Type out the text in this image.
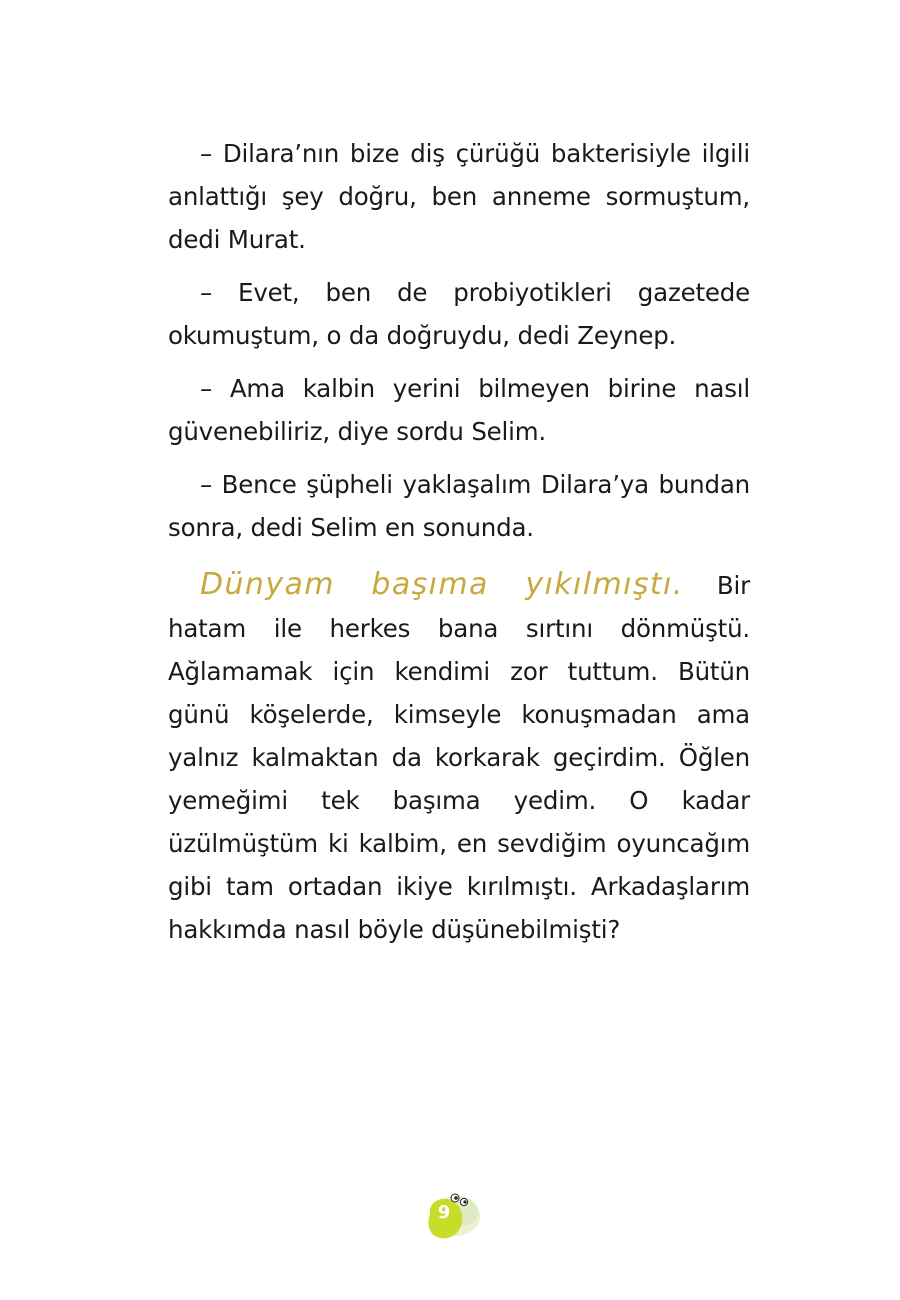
– Dilara’nın bize diş çürüğü bakterisiyle ilgili anlattığı şey doğru, ben anneme sormuştum, dedi Murat.

– Evet, ben de probiyotikleri gazetede okumuştum, o da doğruydu, dedi Zeynep.

– Ama kalbin yerini bilmeyen birine nasıl güvenebiliriz, diye sordu Selim.

– Bence şüpheli yaklaşalım Dilara’ya bundan sonra, dedi Selim en sonunda.

Dünyam başıma yıkılmıştı. Bir hatam ile herkes bana sırtını dönmüştü. Ağlamamak için kendimi zor tuttum. Bütün günü köşelerde, kimseyle konuşmadan ama yalnız kalmaktan da korkarak geçirdim. Öğlen yemeğimi tek başıma yedim. O kadar üzülmüştüm ki kalbim, en sevdiğim oyuncağım gibi tam ortadan ikiye kırılmıştı. Arkadaşlarım hakkımda nasıl böyle düşünebilmişti?

9
